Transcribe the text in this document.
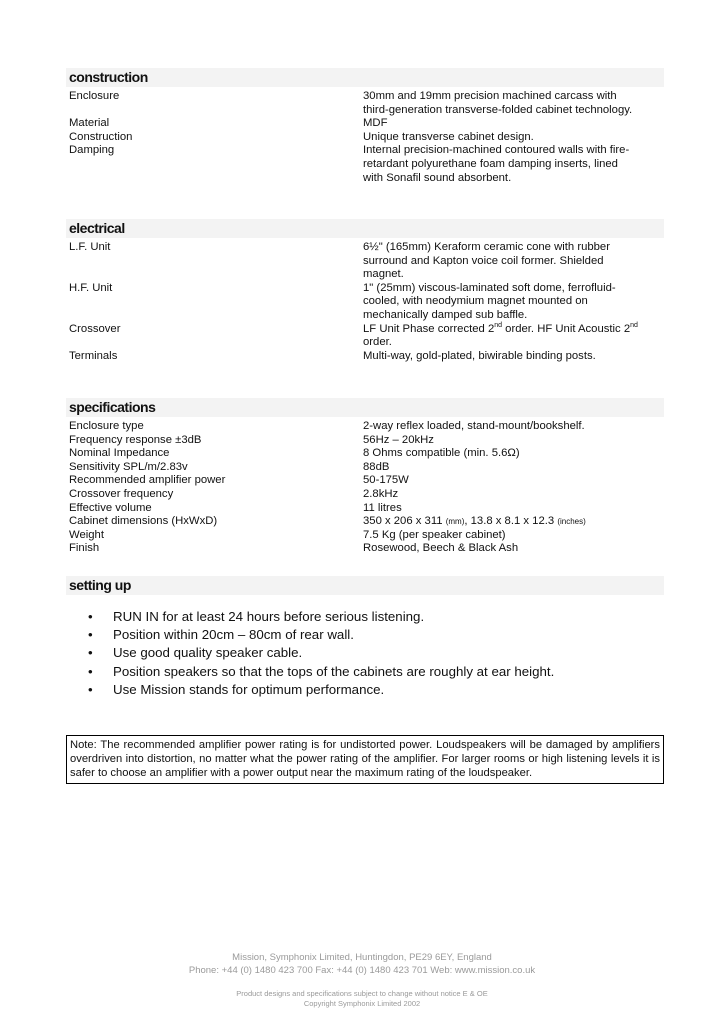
construction
Enclosure	30mm and 19mm precision machined carcass with
third-generation transverse-folded cabinet technology.
Material	MDF
Construction	Unique transverse cabinet design.
Damping	Internal precision-machined contoured walls with fire-
retardant polyurethane foam damping inserts, lined
with Sonafil sound absorbent.
electrical
L.F. Unit	6½" (165mm) Keraform ceramic cone with rubber
surround and Kapton voice coil former. Shielded
magnet.
H.F. Unit	1" (25mm) viscous-laminated soft dome, ferrofluid-
cooled, with neodymium magnet mounted on
mechanically damped sub baffle.
Crossover	LF Unit Phase corrected 2nd order. HF Unit Acoustic 2nd
order.
Terminals	Multi-way, gold-plated, biwirable binding posts.
specifications
Enclosure type	2-way reflex loaded, stand-mount/bookshelf.
Frequency response ±3dB	56Hz – 20kHz
Nominal Impedance	8 Ohms compatible (min. 5.6Ω)
Sensitivity SPL/m/2.83v	88dB
Recommended amplifier power	50-175W
Crossover frequency	2.8kHz
Effective volume	11 litres
Cabinet dimensions (HxWxD)	350 x 206 x 311 (mm), 13.8 x 8.1 x 12.3 (inches)
Weight	7.5 Kg (per speaker cabinet)
Finish	Rosewood, Beech & Black Ash
setting up
• RUN IN for at least 24 hours before serious listening.
• Position within 20cm – 80cm of rear wall.
• Use good quality speaker cable.
• Position speakers so that the tops of the cabinets are roughly at ear height.
• Use Mission stands for optimum performance.
Note: The recommended amplifier power rating is for undistorted power. Loudspeakers will be damaged by amplifiers overdriven into distortion, no matter what the power rating of the amplifier. For larger rooms or high listening levels it is safer to choose an amplifier with a power output near the maximum rating of the loudspeaker.
Mission, Symphonix Limited, Huntingdon, PE29 6EY, England
Phone: +44 (0) 1480 423 700 Fax: +44 (0) 1480 423 701 Web: www.mission.co.uk
Product designs and specifications subject to change without notice E & OE
Copyright Symphonix Limited 2002
